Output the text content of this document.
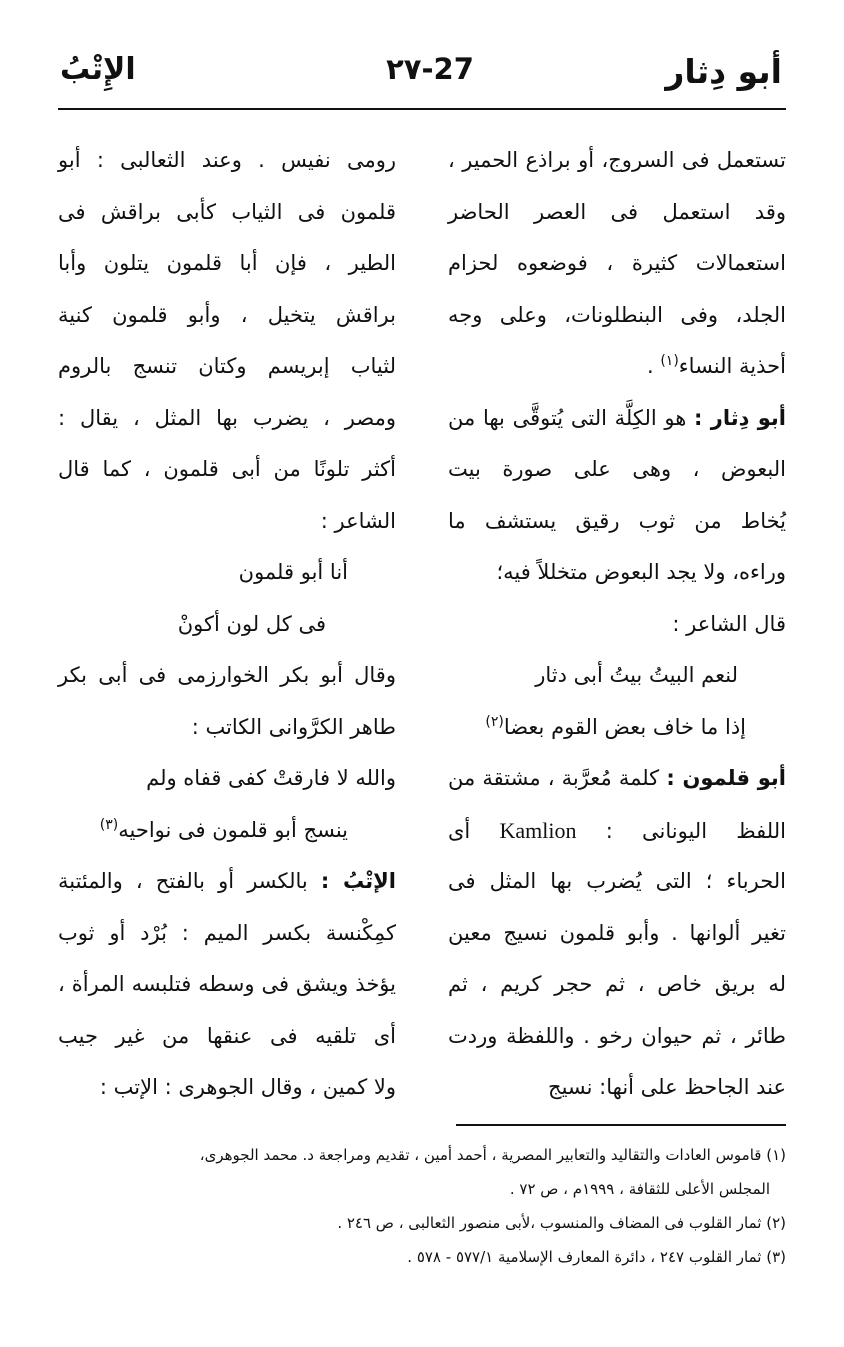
أبو دِثار
٢٧-27
الإِتْبُ
تستعمل فى السروج، أو براذع الحمير ،
وقد استعمل فى العصر الحاضر
استعمالات كثيرة ، فوضعوه لحزام
الجلد، وفى البنطلونات، وعلى وجه
أحذية النساء$^{(١)}$ .
أبو دِثار : هو الكِلَّة التى يُتوقَّى بها من
البعوض ، وهى على صورة بيت
يُخاط من ثوب رقيق يستشف ما
وراءه، ولا يجد البعوض متخللاً فيه؛
قال الشاعر :
لنعم البيتُ بيتُ أبى دثار
إذا ما خاف بعض القوم بعضا$^{(٢)}$
أبو قلمون : كلمة مُعرَّبة ، مشتقة من
اللفظ اليونانى : Kamlion أى
الحرباء ؛ التى يُضرب بها المثل فى
تغير ألوانها . وأبو قلمون نسيج معين
له بريق خاص ، ثم حجر كريم ، ثم
طائر ، ثم حيوان رخو . واللفظة وردت
عند الجاحظ على أنها: نسيج
رومى نفيس . وعند الثعالبى : أبو
قلمون فى الثياب كأبى براقش فى
الطير ، فإن أبا قلمون يتلون وأبا
براقش يتخيل ، وأبو قلمون كنية
لثياب إبريسم وكتان تنسج بالروم
ومصر ، يضرب بها المثل ، يقال :
أكثر تلونًا من أبى قلمون ، كما قال
الشاعر :
أنا أبو قلمون
فى كل لون أكونْ
وقال أبو بكر الخوارزمى فى أبى بكر
طاهر الكرَّوانى الكاتب :
والله لا فارقتْ كفى قفاه ولم
ينسج أبو قلمون فى نواحيه$^{(٣)}$
الإتْبُ : بالكسر أو بالفتح ، والمئتبة
كمِكْنسة بكسر الميم : بُرْد أو ثوب
يؤخذ ويشق فى وسطه فتلبسه المرأة ،
أى تلقيه فى عنقها من غير جيب
ولا كمين ، وقال الجوهرى : الإتب :
(١) قاموس العادات والتقاليد والتعابير المصرية ، أحمد أمين ، تقديم ومراجعة د. محمد الجوهرى،
المجلس الأعلى للثقافة ، ١٩٩٩م ، ص ٧٢ .
(٢) ثمار القلوب فى المضاف والمنسوب ،لأبى منصور الثعالبى ، ص ٢٤٦ .
(٣) ثمار القلوب ٢٤٧ ، دائرة المعارف الإسلامية ٥٧٧/١ - ٥٧٨ .
